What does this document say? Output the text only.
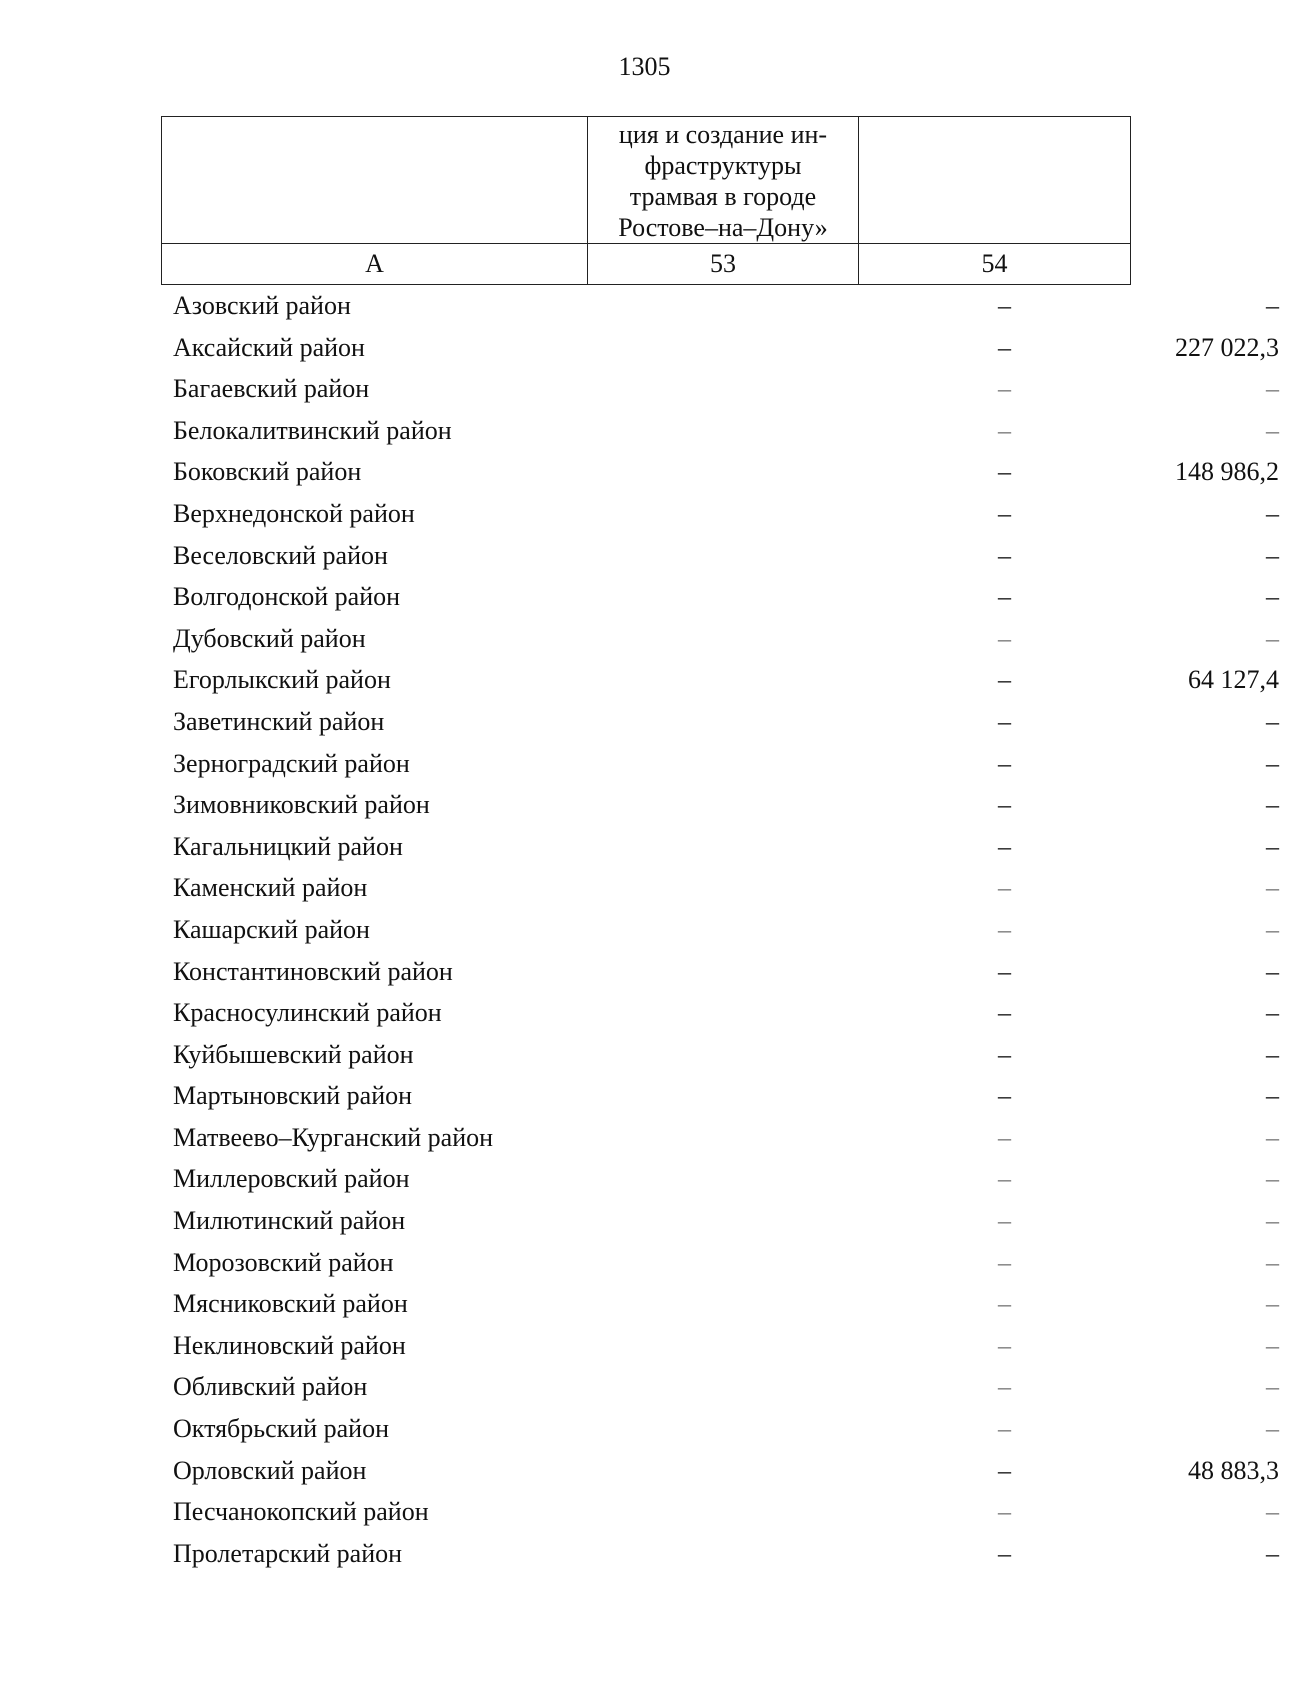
1305

	ция и создание ин-
фраструктуры
трамвая в городе
Ростове–на–Дону»	

А	53	54
Азовский район	–	–
Аксайский район	–	227 022,3
Багаевский район	–	–
Белокалитвинский район	–	–
Боковский район	–	148 986,2
Верхнедонской район	–	–
Веселовский район	–	–
Волгодонской район	–	–
Дубовский район	–	–
Егорлыкский район	–	64 127,4
Заветинский район	–	–
Зерноградский район	–	–
Зимовниковский район	–	–
Кагальницкий район	–	–
Каменский район	–	–
Кашарский район	–	–
Константиновский район	–	–
Красносулинский район	–	–
Куйбышевский район	–	–
Мартыновский район	–	–
Матвеево–Курганский район	–	–
Миллеровский район	–	–
Милютинский район	–	–
Морозовский район	–	–
Мясниковский район	–	–
Неклиновский район	–	–
Обливский район	–	–
Октябрьский район	–	–
Орловский район	–	48 883,3
Песчанокопский район	–	–
Пролетарский район	–	–
